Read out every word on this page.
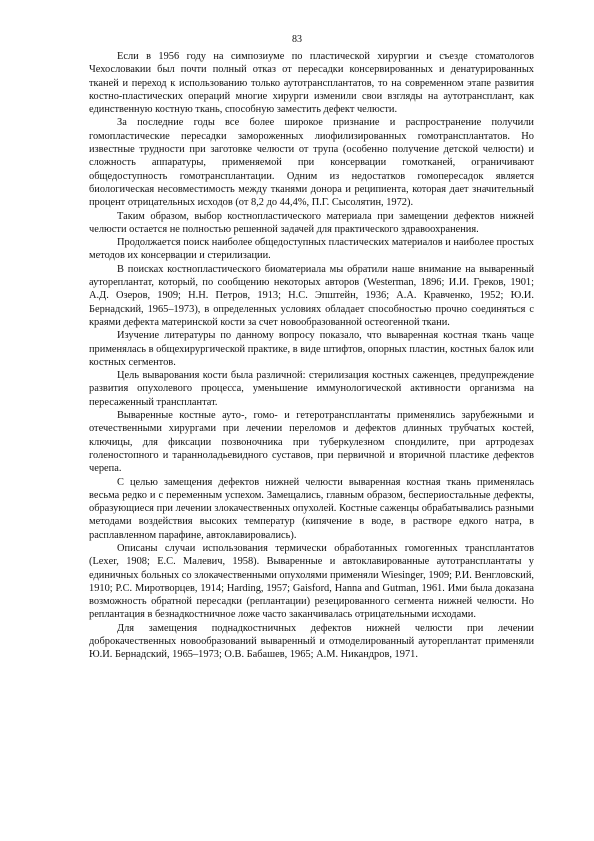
83

Если в 1956 году на симпозиуме по пластической хирургии и съезде стоматологов Чехословакии был почти полный отказ от пересадки консервированных и денатурированных тканей и переход к использованию только аутотрансплантатов, то на современном этапе развития костно-пластических операций многие хирурги изменили свои взгляды на аутотрансплант, как единственную костную ткань, способную заместить дефект челюсти.

За последние годы все более широкое признание и распространение получили гомопластические пересадки замороженных лиофилизированных гомотрансплантатов. Но известные трудности при заготовке челюсти от трупа (особенно получение детской челюсти) и сложность аппаратуры, применяемой при консервации гомотканей, ограничивают общедоступность гомотрансплантации. Одним из недостатков гомопересадок является биологическая несовместимость между тканями донора и реципиента, которая дает значительный процент отрицательных исходов (от 8,2 до 44,4%, П.Г. Сысолятин, 1972).

Таким образом, выбор костнопластического материала при замещении дефектов нижней челюсти остается не полностью решенной задачей для практического здравоохранения.

Продолжается поиск наиболее общедоступных пластических материалов и наиболее простых методов их консервации и стерилизации.

В поисках костнопластического биоматериала мы обратили наше внимание на вываренный аутореплантат, который, по сообщению некоторых авторов (Westerman, 1896; И.И. Греков, 1901; А.Д. Озеров, 1909; Н.Н. Петров, 1913; Н.С. Эпштейн, 1936; А.А. Кравченко, 1952; Ю.И. Бернадский, 1965–1973), в определенных условиях обладает способностью прочно соединяться с краями дефекта материнской кости за счет новообразованной остеогенной ткани.

Изучение литературы по данному вопросу показало, что вываренная костная ткань чаще применялась в общехирургической практике, в виде штифтов, опорных пластин, костных балок или костных сегментов.

Цель выварования кости была различной: стерилизация костных саженцев, предупреждение развития опухолевого процесса, уменьшение иммунологической активности организма на пересаженный трансплантат.

Вываренные костные ауто-, гомо- и гетеротрансплантаты применялись зарубежными и отечественными хирургами при лечении переломов и дефектов длинных трубчатых костей, ключицы, для фиксации позвоночника при туберкулезном спондилите, при артродезах голеностопного и таранноладьевидного суставов, при первичной и вторичной пластике дефектов черепа.

С целью замещения дефектов нижней челюсти вываренная костная ткань применялась весьма редко и с переменным успехом. Замещались, главным образом, беспериостальные дефекты, образующиеся при лечении злокачественных опухолей. Костные саженцы обрабатывались разными методами воздействия высоких температур (кипячение в воде, в растворе едкого натра, в расплавленном парафине, автоклавировались).

Описаны случаи использования термически обработанных гомогенных трансплантатов (Lexer, 1908; Е.С. Малевич, 1958). Вываренные и автоклавированные аутотрансплантаты у единичных больных со злокачественными опухолями применяли Wiesinger, 1909; Р.И. Венгловский, 1910; Р.С. Миротворцев, 1914; Harding, 1957; Gaisford, Hanna and Gutman, 1961. Ими была доказана возможность обратной пересадки (реплантации) резецированного сегмента нижней челюсти. Но реплантация в безнадкостничное ложе часто заканчивалась отрицательными исходами.

Для замещения поднадкостничных дефектов нижней челюсти при лечении доброкачественных новообразований вываренный и отмоделированный аутореплантат применяли Ю.И. Бернадский, 1965–1973; О.В. Бабашев, 1965; А.М. Никандров, 1971.
